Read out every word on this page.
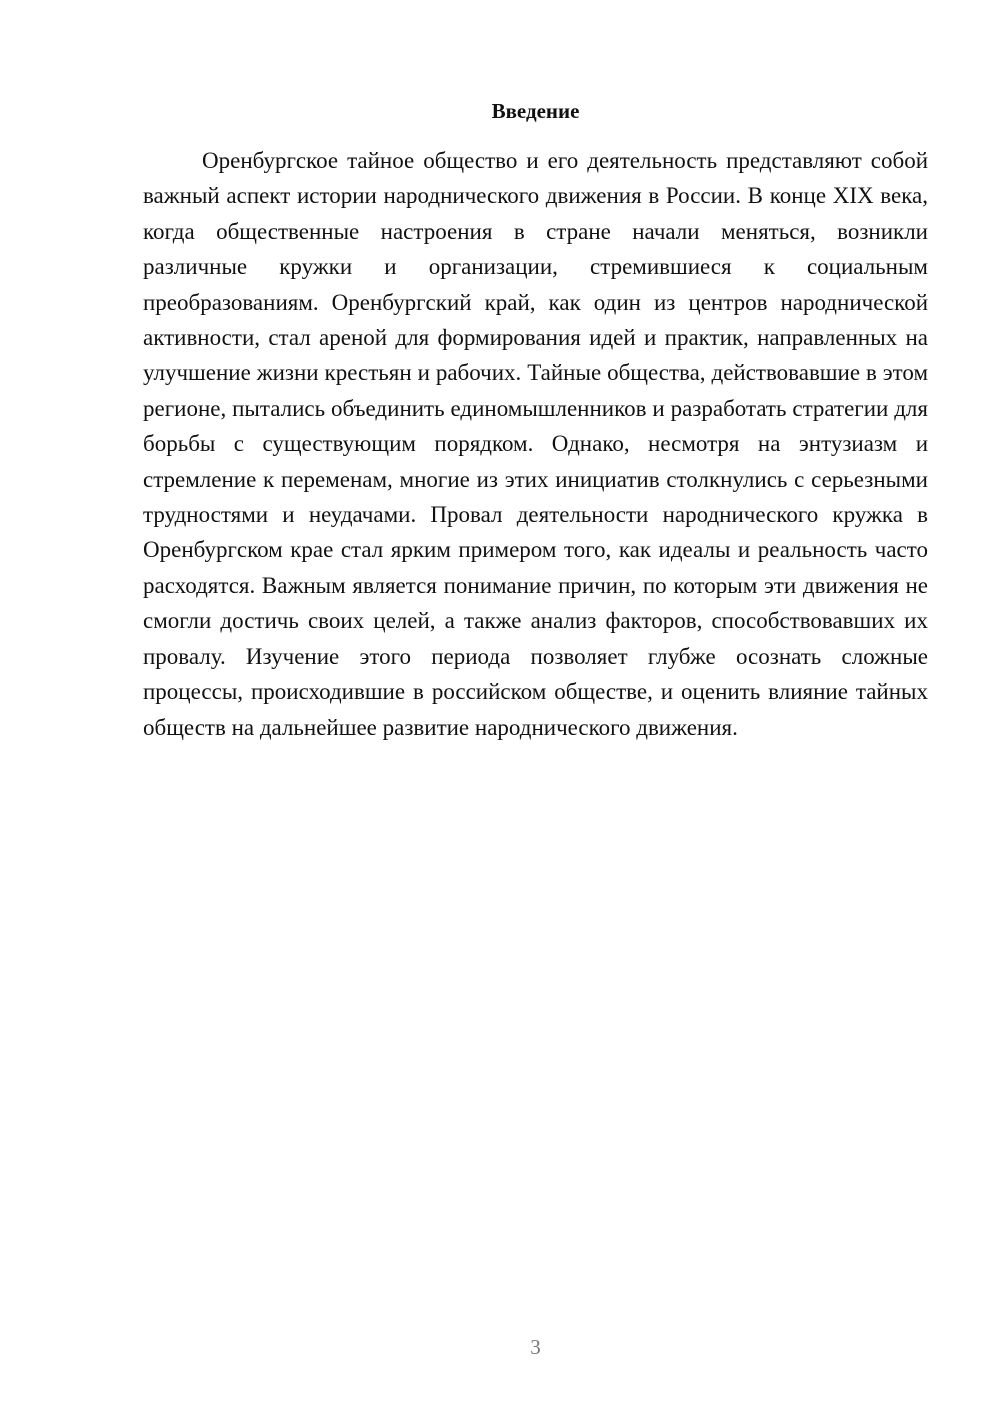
Введение

Оренбургское тайное общество и его деятельность представляют собой важный аспект истории народнического движения в России. В конце XIX века, когда общественные настроения в стране начали меняться, возникли различные кружки и организации, стремившиеся к социальным преобразованиям. Оренбургский край, как один из центров народнической активности, стал ареной для формирования идей и практик, направленных на улучшение жизни крестьян и рабочих. Тайные общества, действовавшие в этом регионе, пытались объединить единомышленников и разработать стратегии для борьбы с существующим порядком. Однако, несмотря на энтузиазм и стремление к переменам, многие из этих инициатив столкнулись с серьезными трудностями и неудачами. Провал деятельности народнического кружка в Оренбургском крае стал ярким примером того, как идеалы и реальность часто расходятся. Важным является понимание причин, по которым эти движения не смогли достичь своих целей, а также анализ факторов, способствовавших их провалу. Изучение этого периода позволяет глубже осознать сложные процессы, происходившие в российском обществе, и оценить влияние тайных обществ на дальнейшее развитие народнического движения.

3
